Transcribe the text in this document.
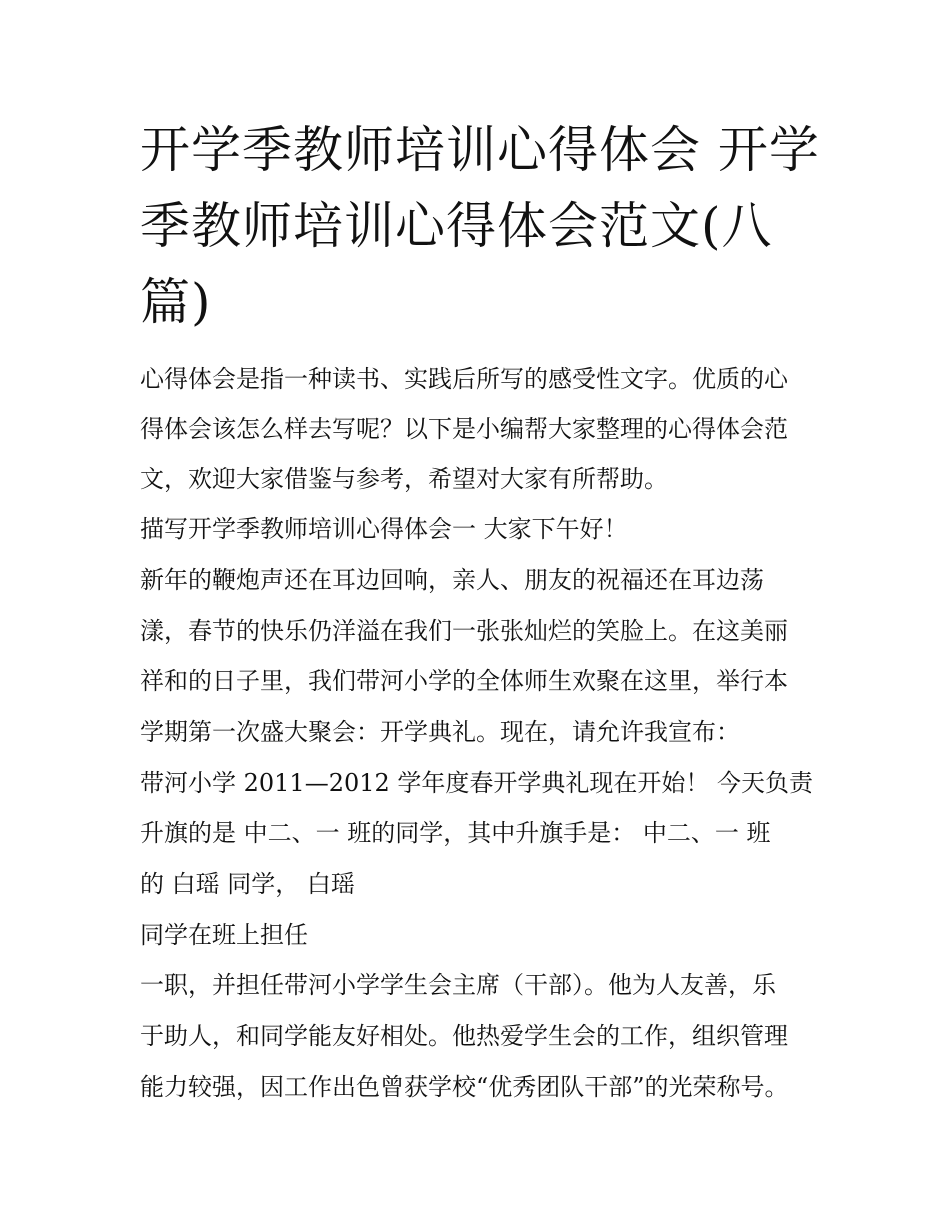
开学季教师培训心得体会 开学季教师培训心得体会范文(八篇)

心得体会是指一种读书、实践后所写的感受性文字。优质的心

得体会该怎么样去写呢？以下是小编帮大家整理的心得体会范

文，欢迎大家借鉴与参考，希望对大家有所帮助。

描写开学季教师培训心得体会一 大家下午好！

新年的鞭炮声还在耳边回响，亲人、朋友的祝福还在耳边荡

漾，春节的快乐仍洋溢在我们一张张灿烂的笑脸上。在这美丽

祥和的日子里，我们带河小学的全体师生欢聚在这里，举行本

学期第一次盛大聚会：开学典礼。现在，请允许我宣布：

带河小学 2011—2012 学年度春开学典礼现在开始！ 今天负责

升旗的是 中二、一 班的同学，其中升旗手是： 中二、一 班

的 白瑶 同学， 白瑶

同学在班上担任

一职，并担任带河小学学生会主席（干部）。他为人友善，乐

于助人，和同学能友好相处。他热爱学生会的工作，组织管理

能力较强，因工作出色曾获学校“优秀团队干部”的光荣称号。
